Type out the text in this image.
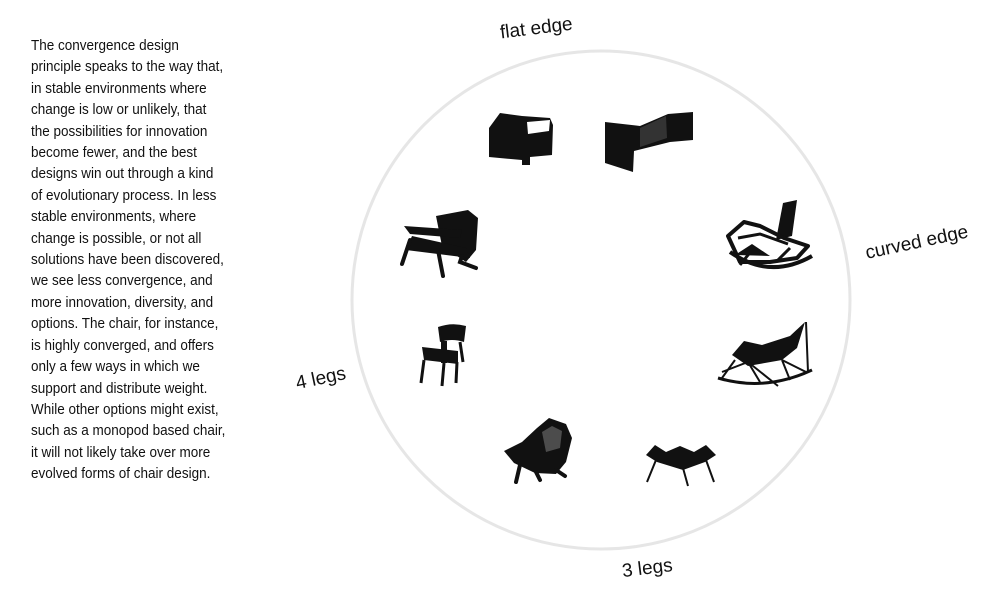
The convergence design
principle speaks to the way that,
in stable environments where
change is low or unlikely, that
the possibilities for innovation
become fewer, and the best
designs win out through a kind
of evolutionary process. In less
stable environments, where
change is possible, or not all
solutions have been discovered,
we see less convergence, and
more innovation, diversity, and
options. The chair, for instance,
is highly converged, and offers
only a few ways in which we
support and distribute weight.
While other options might exist,
such as a monopod based chair,
it will not likely take over more
evolved forms of chair design.

flat edge
curved edge
3 legs
4 legs
